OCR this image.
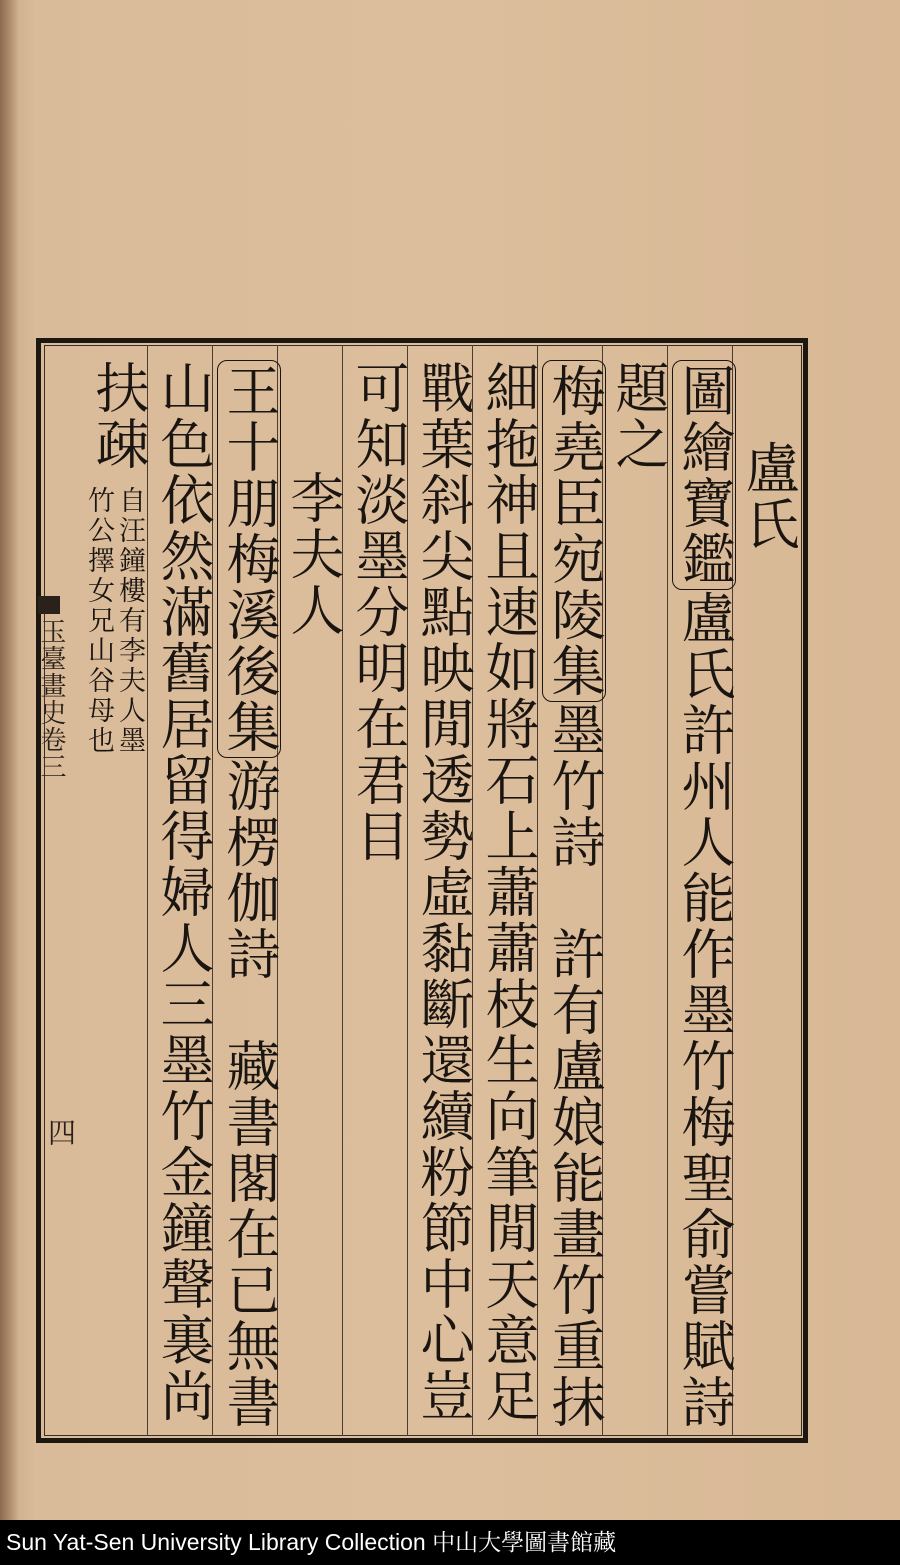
盧氏
圖繪寶鑑盧氏許州人能作墨竹梅聖俞嘗賦詩
題之
梅堯臣宛陵集墨竹詩　許有盧娘能畫竹重抹
細拖神且速如將石上蕭蕭枝生向筆閒天意足
戰葉斜尖點映閒透勢虛黏斷還續粉節中心豈
可知淡墨分明在君目
李夫人
王十朋梅溪後集游楞伽詩　藏書閣在已無書
山色依然滿舊居留得婦人三墨竹金鐘聲裏尚
扶疎
自汪鐘樓有李夫人墨
竹公擇女兄山谷母也
玉臺畫史卷三
四
Sun Yat-Sen University Library Collection 中山大學圖書館藏
